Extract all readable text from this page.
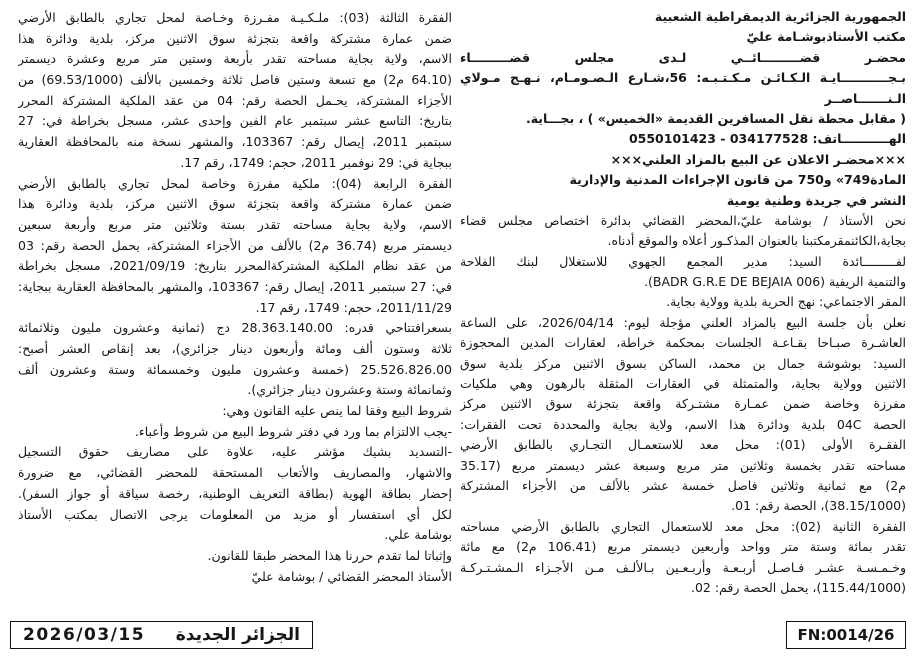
الجمهورية الجزائرية الديمقراطية الشعبية
مكتب الأستاذبوشـامة عليّ
محضـر قضـــــــــائــي لـدى مجلس قضـــــــــاء
بـجـــــــــــايـة الـكـائـن مـكـتـبـه: 56،شـارع الـصـومـام، نـهـج مـولاي
الـنـــــــاصــر
( مقابل محطة نقل المسافرين القديمة «الخميس» ) ، بجـــاية.
الهـــــــــــاتف: 034177528 - 0550101423
×××محضـر الاعلان عن البيع بالمزاد العلني×××
المادة749» و750 من قانون الإجراءات المدنية والإدارية
النشر في جريدة وطنية يومية
نحن الأستاذ / بوشامة عليّ،المحضر القضائي بدائرة اختصاص مجلس قضاء
بجاية،الكائنمقرمكتبنا بالعنوان المذكـور أعلاه والموقع أدناه.
لفـــــــــائدة السيد: مدير المجمع الجهوي للاستغلال لبنك الفلاحة
والتنمية الريفية (006 BADR G.R.E DE BEJAIA).
المقر الاجتماعي: نهج الحرية بلدية وولاية بجاية.
نعلن بأن جلسة البيع بالمزاد العلني مؤجلة ليوم: 2026/04/14، على الساعة
العاشـرة صبـاحا بقـاعـة الجلسات بمحكمة خراطة، لعقارات المدين المحجوزة
السيد: بوشوشة جمال بن محمد، الساكن بسوق الاثنين مركز بلدية سوق
الاثنين وولاية بجاية، والمتمثلة في العقارات المثقلة بالرهون وهي ملكيات
مفرزة وخاصة ضمن عمـارة مشتـركة واقعة بتجزئة سوق الاثنين مركز
الحصة 04C بلدية ودائرة هذا الاسم، ولاية بجاية والمحددة تحت الفقرات:
الفقـرة الأولى (01): محل معد للاستعمـال التجـاري بالطابق الأرضي
مساحته تقدر بخمسة وثلاثين متر مربع وسبعة عشر ديسمتر مربع (35.17
م2) مع ثمانية وثلاثين فاصل خمسة عشر بالألف من الأجزاء المشتركة
(38.15/1000)، الحصة رقم: 01.
الفقرة الثانية (02): محل معد للاستعمال التجاري بالطابق الأرضي مساحته
تقدر بمائة وستة متر وواحد وأربعين ديسمتر مربع (106.41 م2) مع مائة
وخـمـسـة عشـر فـاصـل أربـعـة وأربـعـين بـالألـف مـن الأجـزاء الـمشـتـركـة
(115.44/1000)، يحمل الحصة رقم: 02.
الفقرة الثالثة (03): ملـكـيـة مفـرزة وخـاصة لمحل تجاري بالطابق الأرضي
ضمن عمارة مشتركة واقعة بتجزئة سوق الاثنين مركز، بلدية ودائرة هذا
الاسم، ولاية بجاية مساحته تقدر بأربعة وستين متر مربع وعشرة ديسمتر
(64.10 م2) مع تسعة وستين فاصل ثلاثة وخمسين بالألف (69.53/1000) من
الأجزاء المشتركة، يحـمل الحصة رقم: 04 من عقد الملكية المشتركة المحرر
بتاريخ: التاسع عشر سبتمبر عام الفين وإحدى عشر، مسجل بخراطة في: 27
سبتمبر 2011، إيصال رقم: 103367، والمشهر نسخة منه بالمحافظة العقارية
ببجاية في: 29 نوفمبر 2011، حجم: 1749، رقم 17.
الفقرة الرابعة (04): ملكية مفرزة وخاصة لمحل تجاري بالطابق الأرضي
ضمن عمارة مشتركة واقعة بتجزئة سوق الاثنين مركز، بلدية ودائرة هذا
الاسم، ولاية بجاية مساحته تقدر بستة وثلاثين متر مربع وأربعة سبعين
ديسمتر مربع (36.74 م2) بالألف من الأجزاء المشتركة، يحمل الحصة رقم: 03
من عقد نظام الملكية المشتركةالمحرر بتاريخ: 2021/09/19، مسجل بخراطة
في: 27 سبتمبر 2011، إيصال رقم: 103367، والمشهر بالمحافظة العقارية ببجاية:
2011/11/29، حجم: 1749، رقم 17.
بسعرافتتاحي قدره: 28.363.140.00 دج (ثمانية وعشرون مليون وثلاثمائة
ثلاثة وستون ألف ومائة وأربعون دينار جزائري)، بعد إنقاص العشر أصبح:
25.526.826.00 (خمسة وعشرون مليون وخمسمائة وستة وعشرون ألف
وثمانمائة وستة وعشرون دينار جزائري).
شروط البيع وفقا لما ينص عليه القانون وهي:
-يجب الالتزام بما ورد في دفتر شروط البيع من شروط وأعباء.
-التسديد بشيك مؤشر عليه، علاوة على مصاريف حقوق التسجيل
والاشهار، والمصاريف والأتعاب المستحقة للمحضر القضائي، مع ضرورة
إحضار بطاقة الهوية (بطاقة التعريف الوطنية، رخصة سياقة أو جواز السفر).
لكل أي استفسار أو مزيد من المعلومات يرجى الاتصال بمكتب الأستاذ
بوشامة علي.
وإثباتا لما تقدم حررنا هذا المحضر طبقا للقانون.
الأستاذ المحضر القضائي / بوشامة عليّ
الجزائر الجديدة
2026/03/15	FN:0014/26
